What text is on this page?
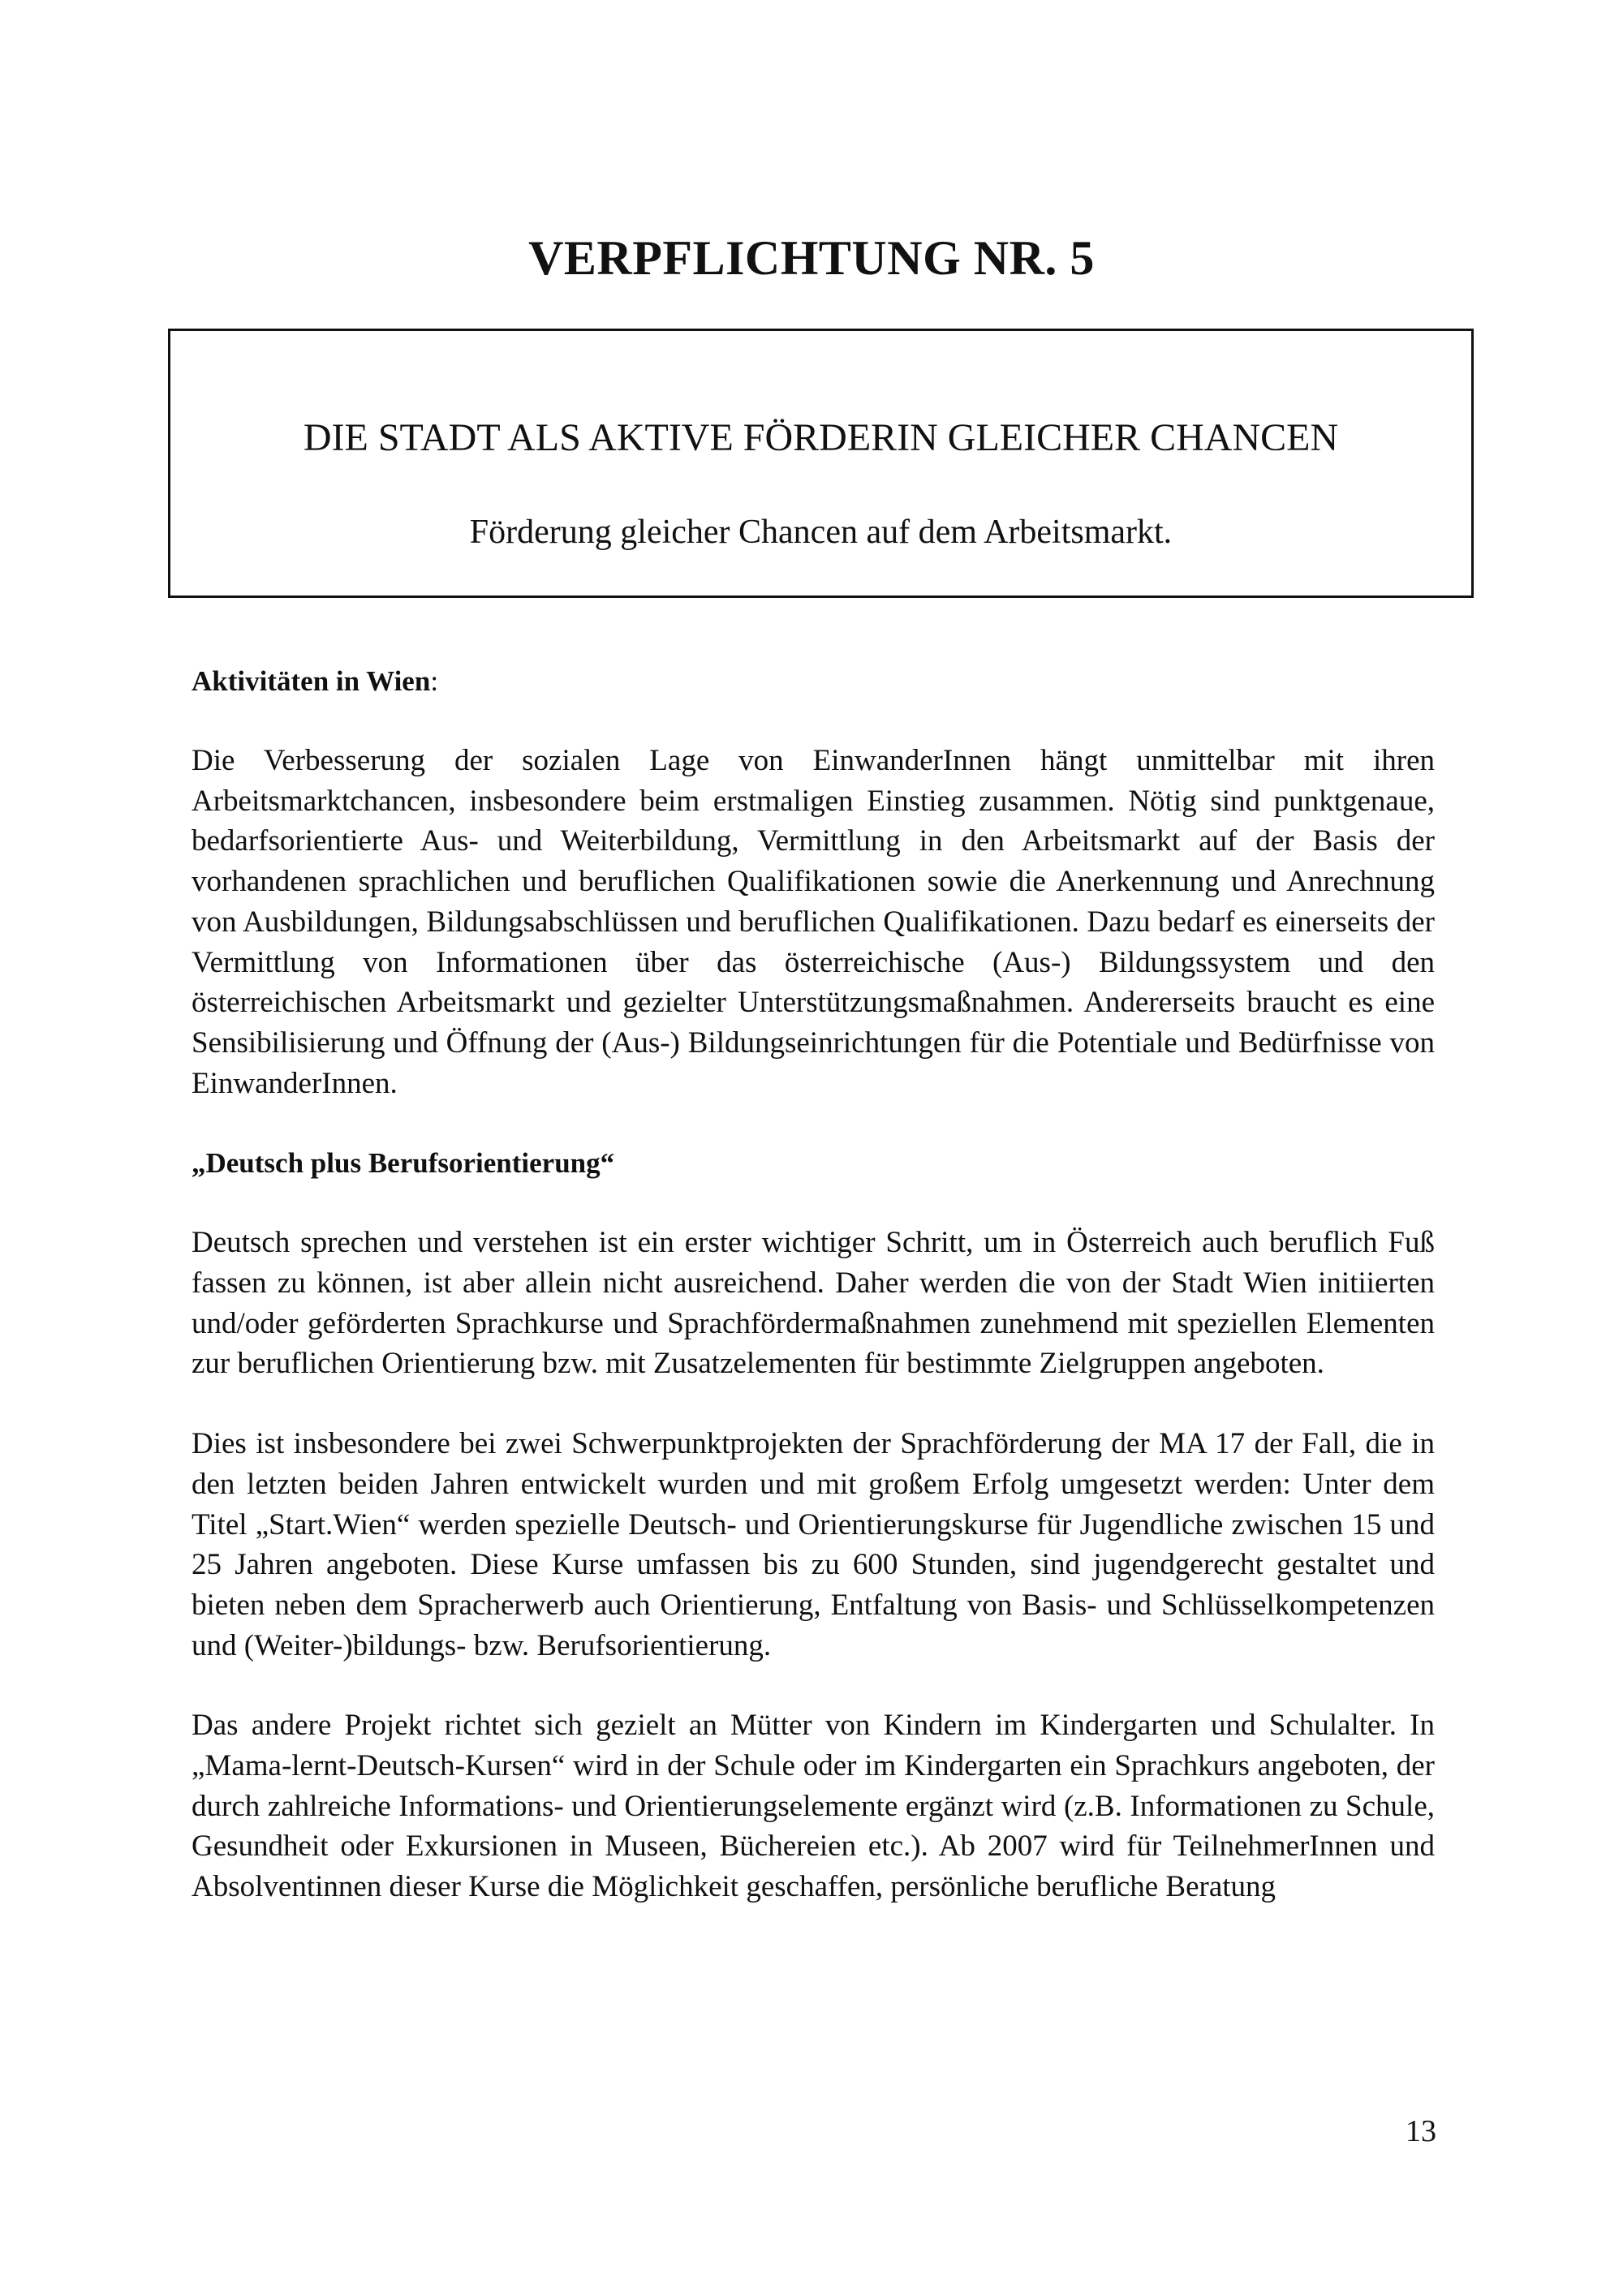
VERPFLICHTUNG NR. 5
DIE STADT ALS AKTIVE FÖRDERIN GLEICHER CHANCEN

Förderung gleicher Chancen auf dem Arbeitsmarkt.

Aktivitäten in Wien:

Die Verbesserung der sozialen Lage von EinwanderInnen hängt unmittelbar mit ihren Arbeitsmarktchancen, insbesondere beim erstmaligen Einstieg zusammen. Nötig sind punktgenaue, bedarfsorientierte Aus- und Weiterbildung, Vermittlung in den Arbeitsmarkt auf der Basis der vorhandenen sprachlichen und beruflichen Qualifikationen sowie die Anerkennung und Anrechnung von Ausbildungen, Bildungsabschlüssen und beruflichen Qualifikationen. Dazu bedarf es einerseits der Vermittlung von Informationen über das österreichische (Aus-) Bildungssystem und den österreichischen Arbeitsmarkt und gezielter Unterstützungsmaßnahmen. Andererseits braucht es eine Sensibilisierung und Öffnung der (Aus-) Bildungseinrichtungen für die Potentiale und Bedürfnisse von EinwanderInnen.

„Deutsch plus Berufsorientierung“

Deutsch sprechen und verstehen ist ein erster wichtiger Schritt, um in Österreich auch beruflich Fuß fassen zu können, ist aber allein nicht ausreichend. Daher werden die von der Stadt Wien initiierten und/oder geförderten Sprachkurse und Sprachfördermaßnahmen zunehmend mit speziellen Elementen zur beruflichen Orientierung bzw. mit Zusatzelementen für bestimmte Zielgruppen angeboten.

Dies ist insbesondere bei zwei Schwerpunktprojekten der Sprachförderung der MA 17 der Fall, die in den letzten beiden Jahren entwickelt wurden und mit großem Erfolg umgesetzt werden: Unter dem Titel „Start.Wien“ werden spezielle Deutsch- und Orientierungskurse für Jugendliche zwischen 15 und 25 Jahren angeboten. Diese Kurse umfassen bis zu 600 Stunden, sind jugendgerecht gestaltet und bieten neben dem Spracherwerb auch Orientierung, Entfaltung von Basis- und Schlüsselkompetenzen und (Weiter-)bildungs- bzw. Berufsorientierung.

Das andere Projekt richtet sich gezielt an Mütter von Kindern im Kindergarten und Schulalter. In „Mama-lernt-Deutsch-Kursen“ wird in der Schule oder im Kindergarten ein Sprachkurs angeboten, der durch zahlreiche Informations- und Orientierungselemente ergänzt wird (z.B. Informationen zu Schule, Gesundheit oder Exkursionen in Museen, Büchereien etc.). Ab 2007 wird für TeilnehmerInnen und Absolventinnen dieser Kurse die Möglichkeit geschaffen, persönliche berufliche Beratung

13
